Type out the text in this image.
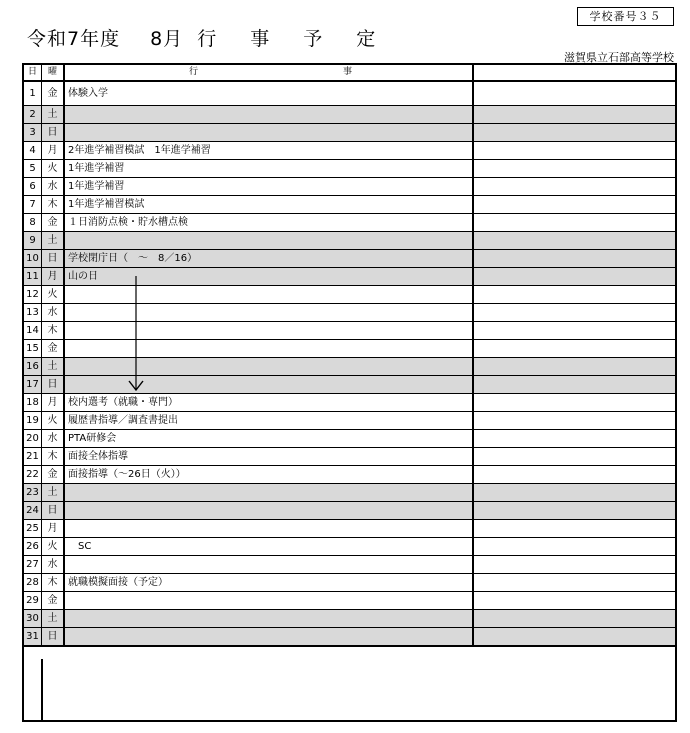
令和7年度 8月 行 事 予 定
学校番号３５
滋賀県立石部高等学校
日	曜	行 事	
1	金	体験入学	
2	土		
3	日		
4	月	2年進学補習模試　1年進学補習	
5	火	1年進学補習	
6	水	1年進学補習	
7	木	1年進学補習模試	
8	金	１日消防点検・貯水槽点検	
9	土		
10	日	学校閉庁日（　～　8／16）	
11	月	山の日	
12	火		
13	水		
14	木		
15	金		
16	土		
17	日		
18	月	校内選考（就職・専門）	
19	火	履歴書指導／調査書提出	
20	水	PTA研修会	
21	木	面接全体指導	
22	金	面接指導（～26日（火））	
23	土		
24	日		
25	月		
26	火	　SC	
27	水		
28	木	就職模擬面接（予定）	
29	金		
30	土		
31	日		
